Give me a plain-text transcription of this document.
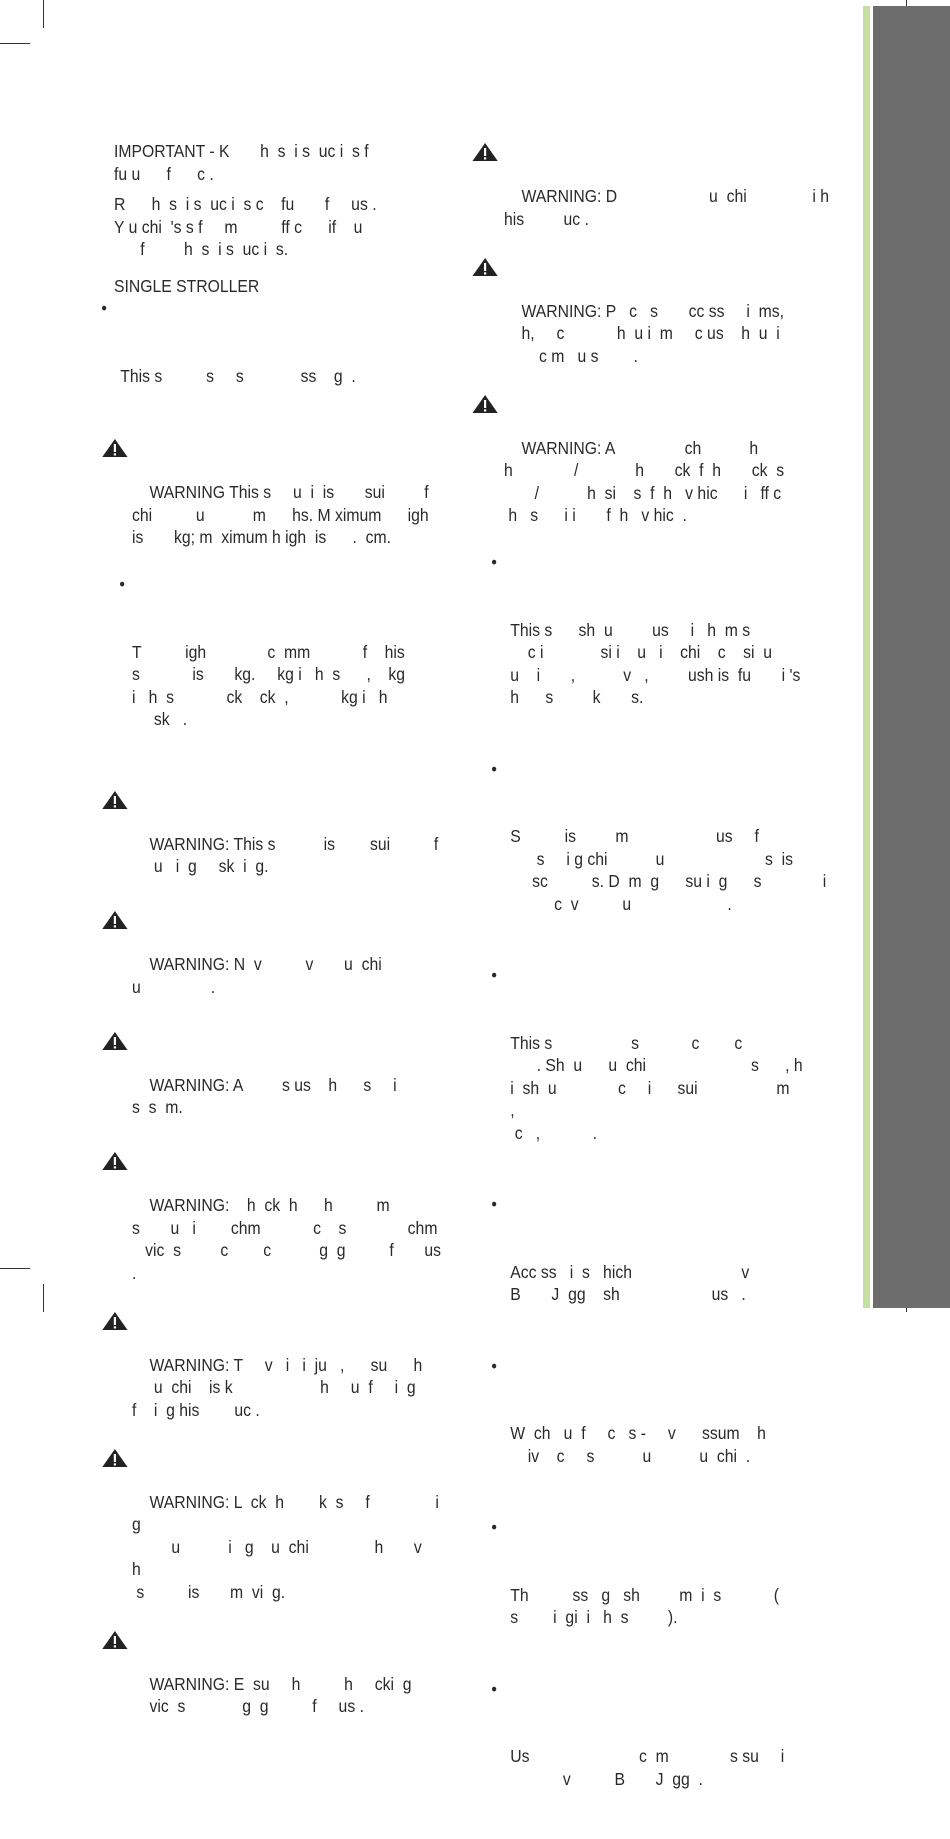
IMPORTANT - K       h  s  i s  uc i  s f
fu u      f      c .

R      h  s  i s  uc i  s c    fu       f     us .
Y u chi  's s f     m          ff c      if    u
f         h  s  i s  uc i  s.

SINGLE STROLLER

•

This s          s     s             ss    g  .

WARNING This s     u  i  is       sui         f
chi          u           m      hs. M ximum      igh
is       kg; m  ximum h igh  is      .  cm.

•

T          igh              c  mm            f    his
s            is       kg.     kg i   h  s      ,    kg
i   h  s            ck    ck  ,            kg i   h
sk   .

WARNING: This s           is        sui          f
u   i  g     sk  i  g.

WARNING: N  v          v       u  chi
u                .

WARNING: A         s us    h      s     i
s  s  m.

WARNING:    h  ck  h      h          m
s       u   i        chm            c    s              chm
vic  s         c        c           g  g          f       us .

WARNING: T     v   i   i  ju   ,      su      h
u  chi    is k                    h     u  f     i  g
f    i  g his        uc .

WARNING: L  ck  h        k  s     f               i  g
u           i   g    u  chi               h       v     h
s          is       m  vi  g.

WARNING: E  su     h          h     cki  g
vic  s             g  g          f     us .

WARNING: D                     u  chi               i h
his         uc .

WARNING: P   c   s       cc ss     i  ms,
h,     c            h  u i  m     c us    h  u  i
c m   u s        .

WARNING: A                ch           h
h              /             h       ck  f  h       ck  s
/           h  si    s  f  h   v hic      i   ff c
h   s      i i       f  h   v hic  .

•

This s      sh  u         us     i   h  m s
c i             si i    u   i    chi    c    si  u
u    i       ,           v   ,         ush is  fu       i 's
h      s         k       s.

•

S          is         m                    us     f
s     i g chi           u                       s  is
sc          s. D  m  g      su i  g      s              i
c  v          u                      .

•

This s                  s            c        c
. Sh  u      u  chi                        s      , h
i  sh  u              c     i      sui                  m          ,
c   ,            .

•

Acc ss   i  s   hich                         v
B       J  gg    sh                     us   .

•

W  ch   u  f     c   s -     v      ssum    h
iv    c     s           u           u  chi  .

•

Th          ss   g   sh         m  i  s            (
s        i  gi  i   h  s         ).

•

Us                         c  m              s su     i
v          B       J  gg  .
